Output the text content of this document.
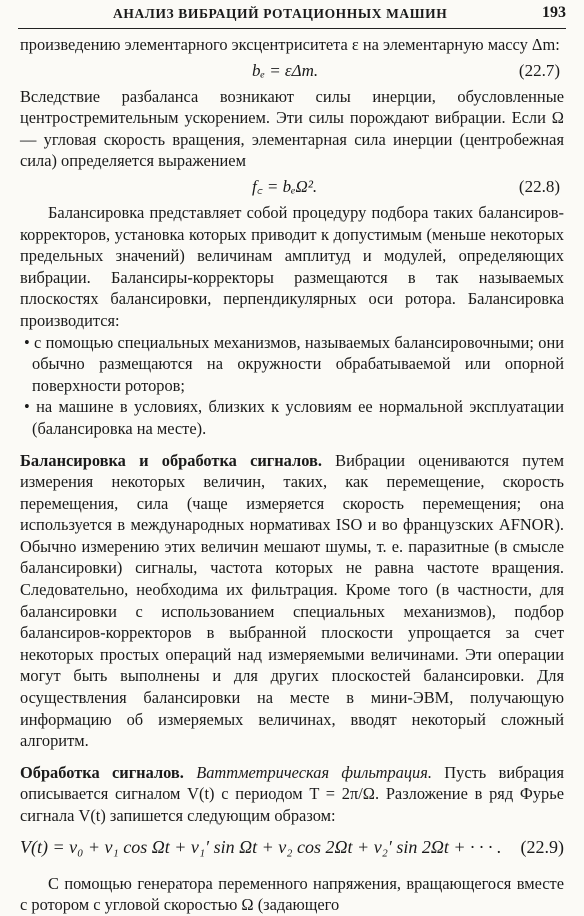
АНАЛИЗ ВИБРАЦИЙ РОТАЦИОННЫХ МАШИН	193

произведению элементарного эксцентриситета ε на элементарную массу Δm:

bₑ = εΔm.	(22.7)

Вследствие разбаланса возникают силы инерции, обусловленные центростремительным ускорением. Эти силы порождают вибрации. Если Ω — угловая скорость вращения, элементарная сила инерции (центробежная сила) определяется выражением

f꜀ = bₑΩ².	(22.8)

Балансировка представляет собой процедуру подбора таких балансиров-корректоров, установка которых приводит к допустимым (меньше некоторых предельных значений) величинам амплитуд и модулей, определяющих вибрации. Балансиры-корректоры размещаются в так называемых плоскостях балансировки, перпендикулярных оси ротора. Балансировка производится:

• с помощью специальных механизмов, называемых балансировочными; они обычно размещаются на окружности обрабатываемой или опорной поверхности роторов;

• на машине в условиях, близких к условиям ее нормальной эксплуатации (балансировка на месте).

Балансировка и обработка сигналов. Вибрации оцениваются путем измерения некоторых величин, таких, как перемещение, скорость перемещения, сила (чаще измеряется скорость перемещения; она используется в международных нормативах ISO и во французских AFNOR). Обычно измерению этих величин мешают шумы, т. е. паразитные (в смысле балансировки) сигналы, частота которых не равна частоте вращения. Следовательно, необходима их фильтрация. Кроме того (в частности, для балансировки с использованием специальных механизмов), подбор балансиров-корректоров в выбранной плоскости упрощается за счет некоторых простых операций над измеряемыми величинами. Эти операции могут быть выполнены и для других плоскостей балансировки. Для осуществления балансировки на месте в мини-ЭВМ, получающую информацию об измеряемых величинах, вводят некоторый сложный алгоритм.

Обработка сигналов. Ваттметрическая фильтрация. Пусть вибрация описывается сигналом V(t) с периодом T = 2π/Ω. Разложение в ряд Фурье сигнала V(t) запишется следующим образом:

V(t) = v₀ + v₁ cos Ωt + v₁′ sin Ωt + v₂ cos 2Ωt + v₂′ sin 2Ωt + · · · . (22.9)

С помощью генератора переменного напряжения, вращающегося вместе с ротором с угловой скоростью Ω (задающего
